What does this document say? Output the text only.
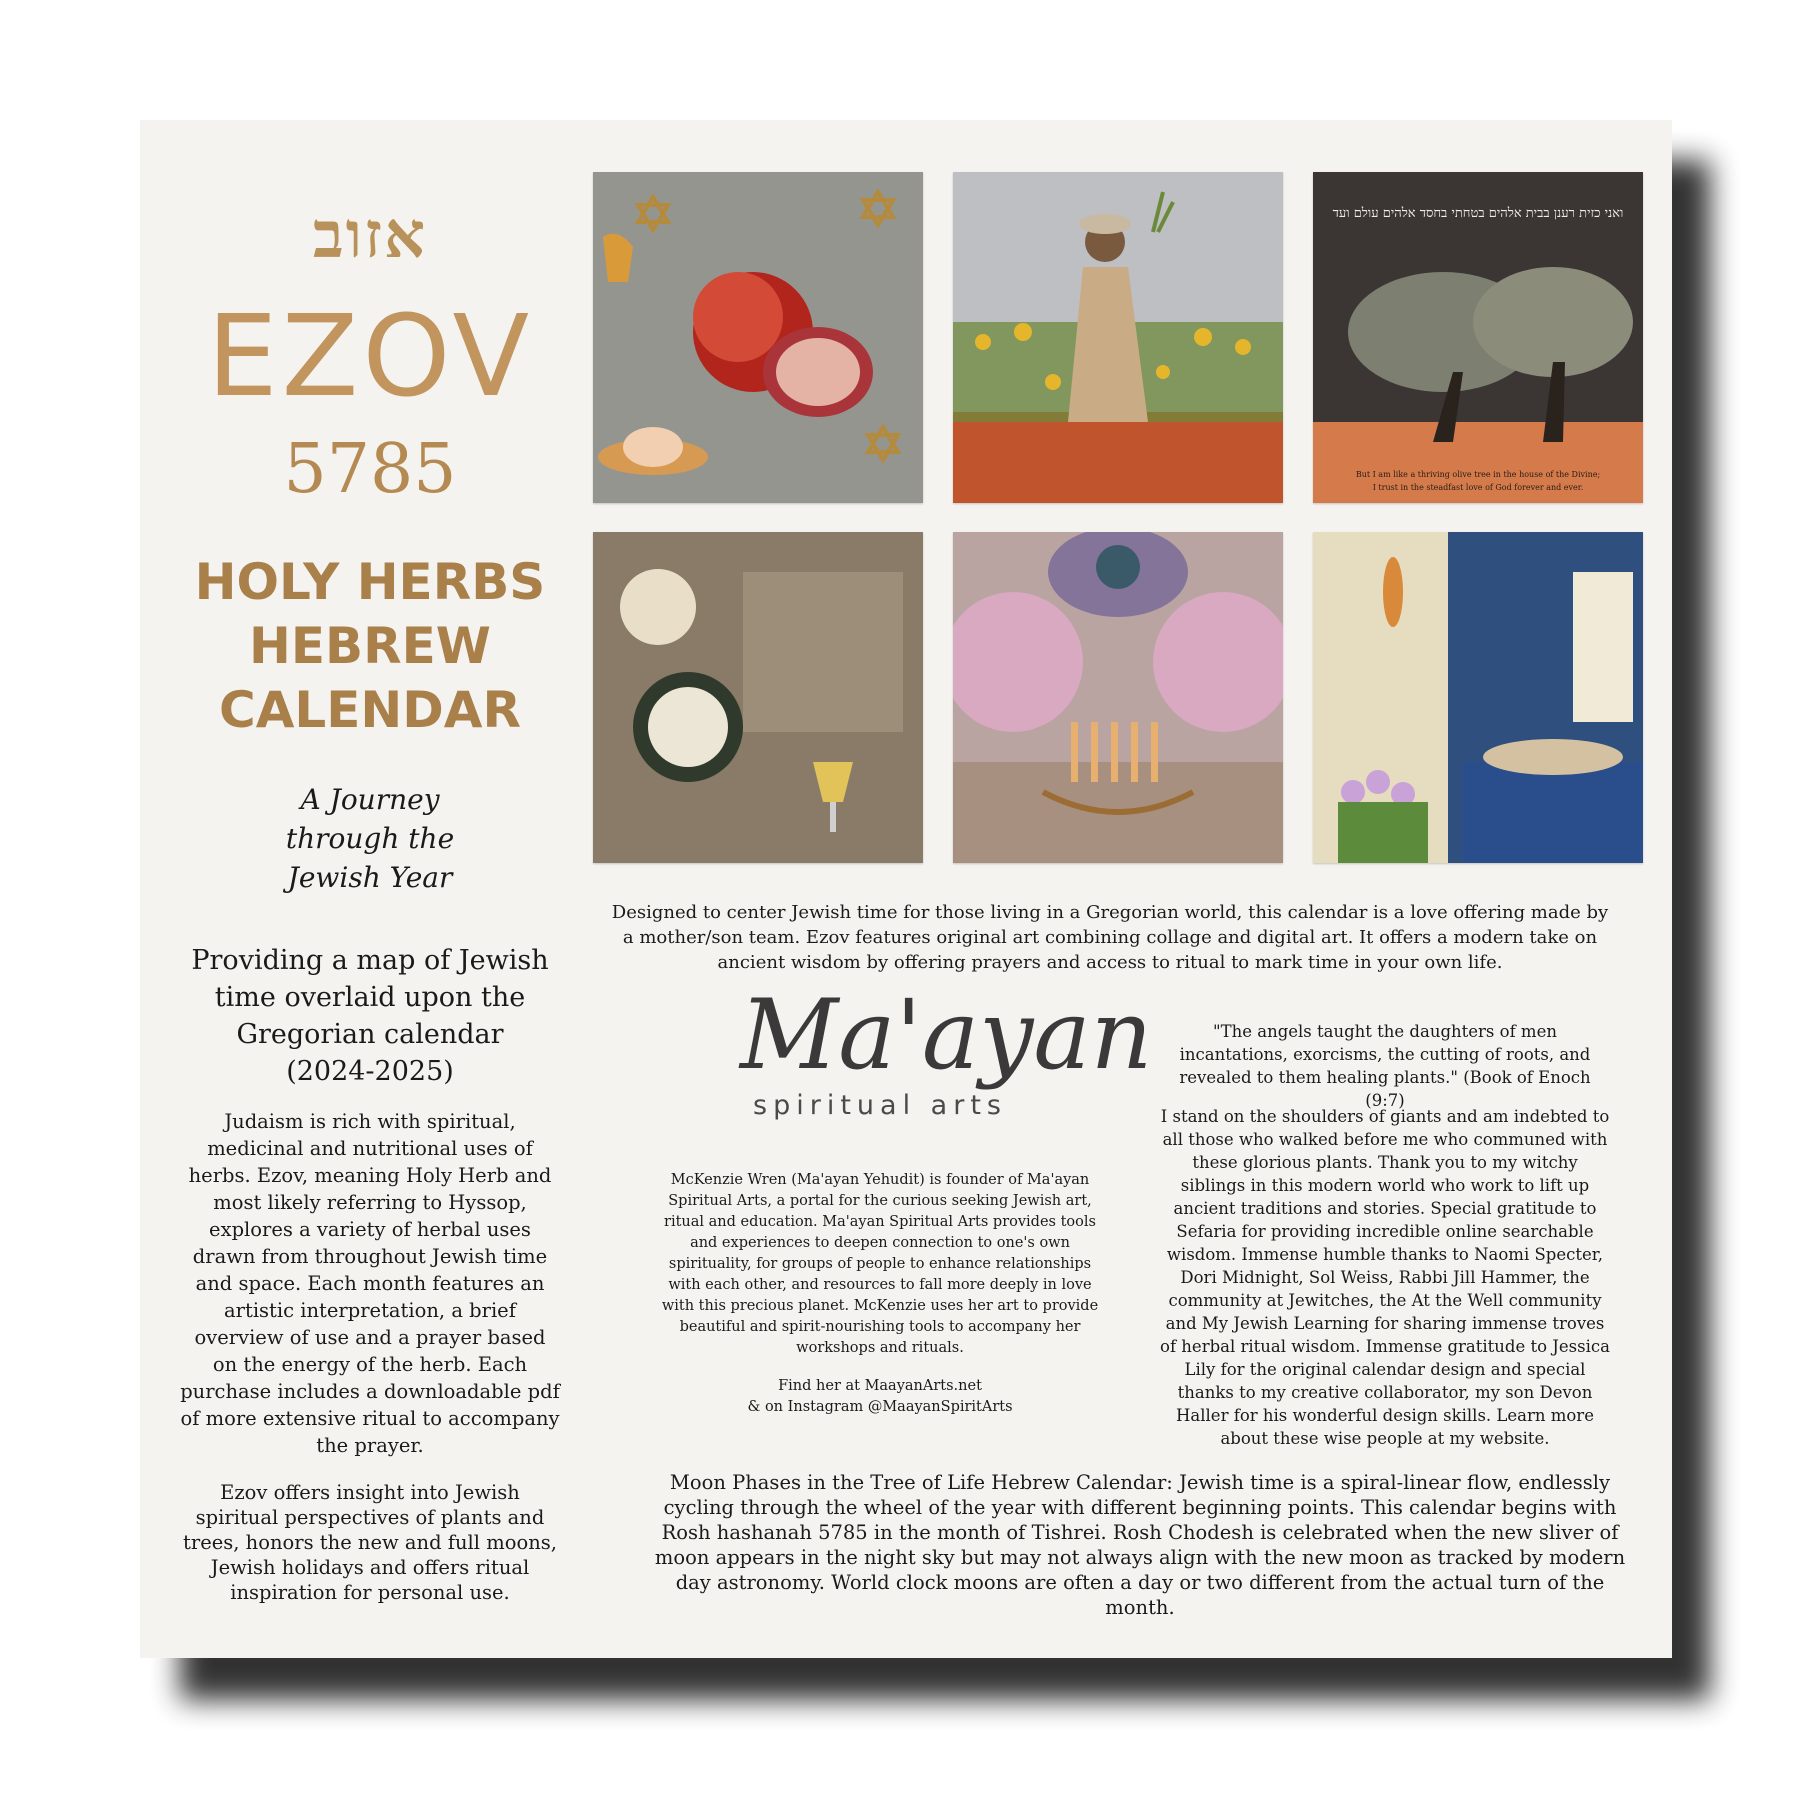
אזוב
EZOV
5785
HOLY HERBS
HEBREW
CALENDAR
A Journey
through the
Jewish Year
Providing a map of Jewish
time overlaid upon the
Gregorian calendar
(2024-2025)
Judaism is rich with spiritual, medicinal and nutritional uses of herbs. Ezov, meaning Holy Herb and most likely referring to Hyssop, explores a variety of herbal uses drawn from throughout Jewish time and space. Each month features an artistic interpretation, a brief overview of use and a prayer based on the energy of the herb. Each purchase includes a downloadable pdf of more extensive ritual to accompany the prayer.
Ezov offers insight into Jewish spiritual perspectives of plants and trees, honors the new and full moons, Jewish holidays and offers ritual inspiration for personal use.
ואני כזית רענן בבית אלהים בטחתי בחסד אלהים עולם ועד
But I am like a thriving olive tree in the house of the Divine;
I trust in the steadfast love of God forever and ever.
Designed to center Jewish time for those living in a Gregorian world, this calendar is a love offering made by a mother/son team. Ezov features original art combining collage and digital art. It offers a modern take on ancient wisdom by offering prayers and access to ritual to mark time in your own life.
Ma'ayan
spiritual arts
McKenzie Wren (Ma'ayan Yehudit) is founder of Ma'ayan Spiritual Arts, a portal for the curious seeking Jewish art, ritual and education. Ma'ayan Spiritual Arts provides tools and experiences to deepen connection to one's own spirituality, for groups of people to enhance relationships with each other, and resources to fall more deeply in love with this precious planet. McKenzie uses her art to provide beautiful and spirit-nourishing tools to accompany her workshops and rituals.
Find her at MaayanArts.net
& on Instagram @MaayanSpiritArts
"The angels taught the daughters of men incantations, exorcisms, the cutting of roots, and revealed to them healing plants." (Book of Enoch (9:7)
I stand on the shoulders of giants and am indebted to all those who walked before me who communed with these glorious plants. Thank you to my witchy siblings in this modern world who work to lift up ancient traditions and stories. Special gratitude to Sefaria for providing incredible online searchable wisdom. Immense humble thanks to Naomi Specter, Dori Midnight, Sol Weiss, Rabbi Jill Hammer, the community at Jewitches, the At the Well community and My Jewish Learning for sharing immense troves of herbal ritual wisdom. Immense gratitude to Jessica Lily for the original calendar design and special thanks to my creative collaborator, my son Devon Haller for his wonderful design skills. Learn more about these wise people at my website.
Moon Phases in the Tree of Life Hebrew Calendar: Jewish time is a spiral-linear flow, endlessly cycling through the wheel of the year with different beginning points. This calendar begins with Rosh hashanah 5785 in the month of Tishrei. Rosh Chodesh is celebrated when the new sliver of moon appears in the night sky but may not always align with the new moon as tracked by modern day astronomy. World clock moons are often a day or two different from the actual turn of the month.
